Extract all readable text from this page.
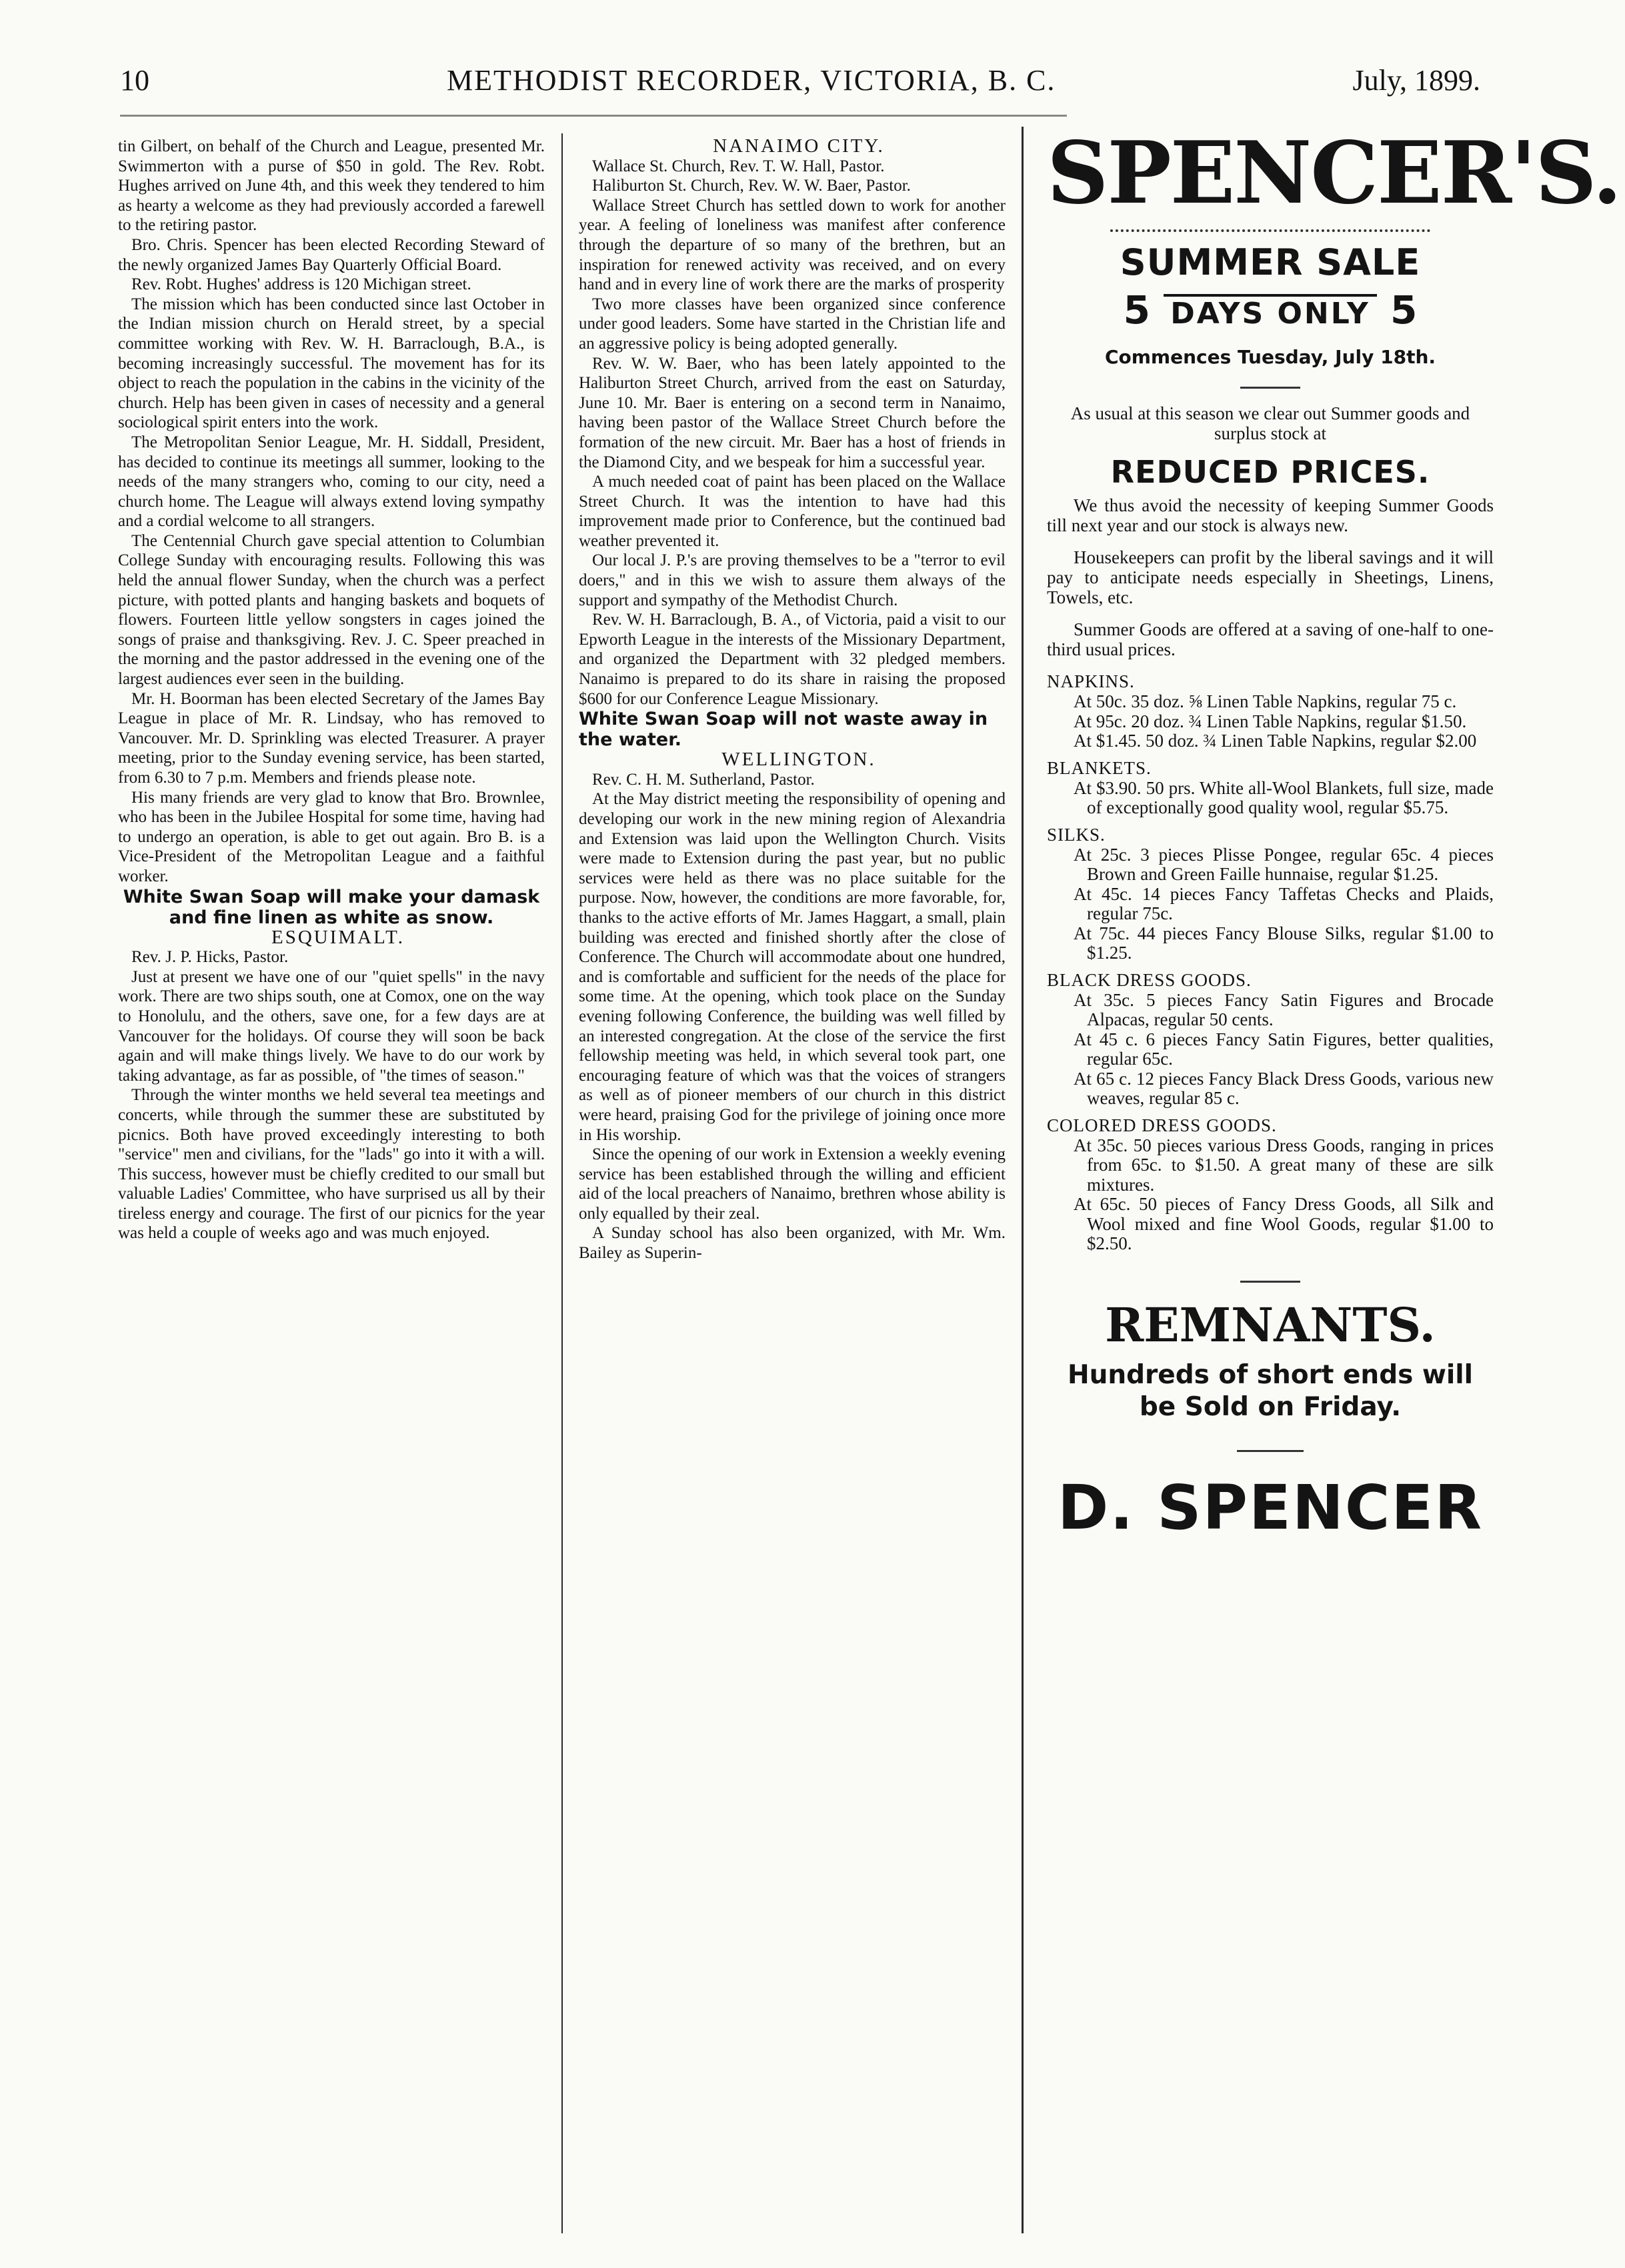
10	METHODIST RECORDER, VICTORIA, B. C.	July, 1899.

tin Gilbert, on behalf of the Church and League, presented Mr. Swimmerton with a purse of $50 in gold. The Rev. Robt. Hughes arrived on June 4th, and this week they tendered to him as hearty a welcome as they had previously accorded a farewell to the retiring pastor.

Bro. Chris. Spencer has been elected Recording Steward of the newly organized James Bay Quarterly Official Board.

Rev. Robt. Hughes' address is 120 Michigan street.

The mission which has been conducted since last October in the Indian mission church on Herald street, by a special committee working with Rev. W. H. Barraclough, B.A., is becoming increasingly successful. The movement has for its object to reach the population in the cabins in the vicinity of the church. Help has been given in cases of necessity and a general sociological spirit enters into the work.

The Metropolitan Senior League, Mr. H. Siddall, President, has decided to continue its meetings all summer, looking to the needs of the many strangers who, coming to our city, need a church home. The League will always extend loving sympathy and a cordial welcome to all strangers.

The Centennial Church gave special attention to Columbian College Sunday with encouraging results. Following this was held the annual flower Sunday, when the church was a perfect picture, with potted plants and hanging baskets and boquets of flowers. Fourteen little yellow songsters in cages joined the songs of praise and thanksgiving. Rev. J. C. Speer preached in the morning and the pastor addressed in the evening one of the largest audiences ever seen in the building.

Mr. H. Boorman has been elected Secretary of the James Bay League in place of Mr. R. Lindsay, who has removed to Vancouver. Mr. D. Sprinkling was elected Treasurer. A prayer meeting, prior to the Sunday evening service, has been started, from 6.30 to 7 p.m. Members and friends please note.

His many friends are very glad to know that Bro. Brownlee, who has been in the Jubilee Hospital for some time, having had to undergo an operation, is able to get out again. Bro B. is a Vice-President of the Metropolitan League and a faithful worker.

White Swan Soap will make your damask and fine linen as white as snow.

ESQUIMALT.

Rev. J. P. Hicks, Pastor.

Just at present we have one of our "quiet spells" in the navy work. There are two ships south, one at Comox, one on the way to Honolulu, and the others, save one, for a few days are at Vancouver for the holidays. Of course they will soon be back again and will make things lively. We have to do our work by taking advantage, as far as possible, of "the times of season."

Through the winter months we held several tea meetings and concerts, while through the summer these are substituted by picnics. Both have proved exceedingly interesting to both "service" men and civilians, for the "lads" go into it with a will. This success, however must be chiefly credited to our small but valuable Ladies' Committee, who have surprised us all by their tireless energy and courage. The first of our picnics for the year was held a couple of weeks ago and was much enjoyed.

NANAIMO CITY.

Wallace St. Church, Rev. T. W. Hall, Pastor.

Haliburton St. Church, Rev. W. W. Baer, Pastor.

Wallace Street Church has settled down to work for another year. A feeling of loneliness was manifest after conference through the departure of so many of the brethren, but an inspiration for renewed activity was received, and on every hand and in every line of work there are the marks of prosperity

Two more classes have been organized since conference under good leaders. Some have started in the Christian life and an aggressive policy is being adopted generally.

Rev. W. W. Baer, who has been lately appointed to the Haliburton Street Church, arrived from the east on Saturday, June 10. Mr. Baer is entering on a second term in Nanaimo, having been pastor of the Wallace Street Church before the formation of the new circuit. Mr. Baer has a host of friends in the Diamond City, and we bespeak for him a successful year.

A much needed coat of paint has been placed on the Wallace Street Church. It was the intention to have had this improvement made prior to Conference, but the continued bad weather prevented it.

Our local J. P.'s are proving themselves to be a "terror to evil doers," and in this we wish to assure them always of the support and sympathy of the Methodist Church.

Rev. W. H. Barraclough, B. A., of Victoria, paid a visit to our Epworth League in the interests of the Missionary Department, and organized the Department with 32 pledged members. Nanaimo is prepared to do its share in raising the proposed $600 for our Conference League Missionary.

White Swan Soap will not waste away in the water.

WELLINGTON.

Rev. C. H. M. Sutherland, Pastor.

At the May district meeting the responsibility of opening and developing our work in the new mining region of Alexandria and Extension was laid upon the Wellington Church. Visits were made to Extension during the past year, but no public services were held as there was no place suitable for the purpose. Now, however, the conditions are more favorable, for, thanks to the active efforts of Mr. James Haggart, a small, plain building was erected and finished shortly after the close of Conference. The Church will accommodate about one hundred, and is comfortable and sufficient for the needs of the place for some time. At the opening, which took place on the Sunday evening following Conference, the building was well filled by an interested congregation. At the close of the service the first fellowship meeting was held, in which several took part, one encouraging feature of which was that the voices of strangers as well as of pioneer members of our church in this district were heard, praising God for the privilege of joining once more in His worship.

Since the opening of our work in Extension a weekly evening service has been established through the willing and efficient aid of the local preachers of Nanaimo, brethren whose ability is only equalled by their zeal.

A Sunday school has also been organized, with Mr. Wm. Bailey as Superin-

SPENCER'S.
SUMMER SALE
5 DAYS ONLY 5
Commences Tuesday, July 18th.
As usual at this season we clear out Summer goods and surplus stock at
REDUCED PRICES.

We thus avoid the necessity of keeping Summer Goods till next year and our stock is always new.

Housekeepers can profit by the liberal savings and it will pay to anticipate needs especially in Sheetings, Linens, Towels, etc.

Summer Goods are offered at a saving of one-half to one-third usual prices.

NAPKINS.

At 50c. 35 doz. ⅝ Linen Table Napkins, regular 75 c.

At 95c. 20 doz. ¾ Linen Table Napkins, regular $1.50.

At $1.45. 50 doz. ¾ Linen Table Napkins, regular $2.00

BLANKETS.

At $3.90. 50 prs. White all-Wool Blankets, full size, made of exceptionally good quality wool, regular $5.75.

SILKS.

At 25c. 3 pieces Plisse Pongee, regular 65c. 4 pieces Brown and Green Faille hunnaise, regular $1.25.

At 45c. 14 pieces Fancy Taffetas Checks and Plaids, regular 75c.

At 75c. 44 pieces Fancy Blouse Silks, regular $1.00 to $1.25.

BLACK DRESS GOODS.

At 35c. 5 pieces Fancy Satin Figures and Brocade Alpacas, regular 50 cents.

At 45 c. 6 pieces Fancy Satin Figures, better qualities, regular 65c.

At 65 c. 12 pieces Fancy Black Dress Goods, various new weaves, regular 85 c.

COLORED DRESS GOODS.

At 35c. 50 pieces various Dress Goods, ranging in prices from 65c. to $1.50. A great many of these are silk mixtures.

At 65c. 50 pieces of Fancy Dress Goods, all Silk and Wool mixed and fine Wool Goods, regular $1.00 to $2.50.

REMNANTS.
Hundreds of short ends will be Sold on Friday.
D. SPENCER
